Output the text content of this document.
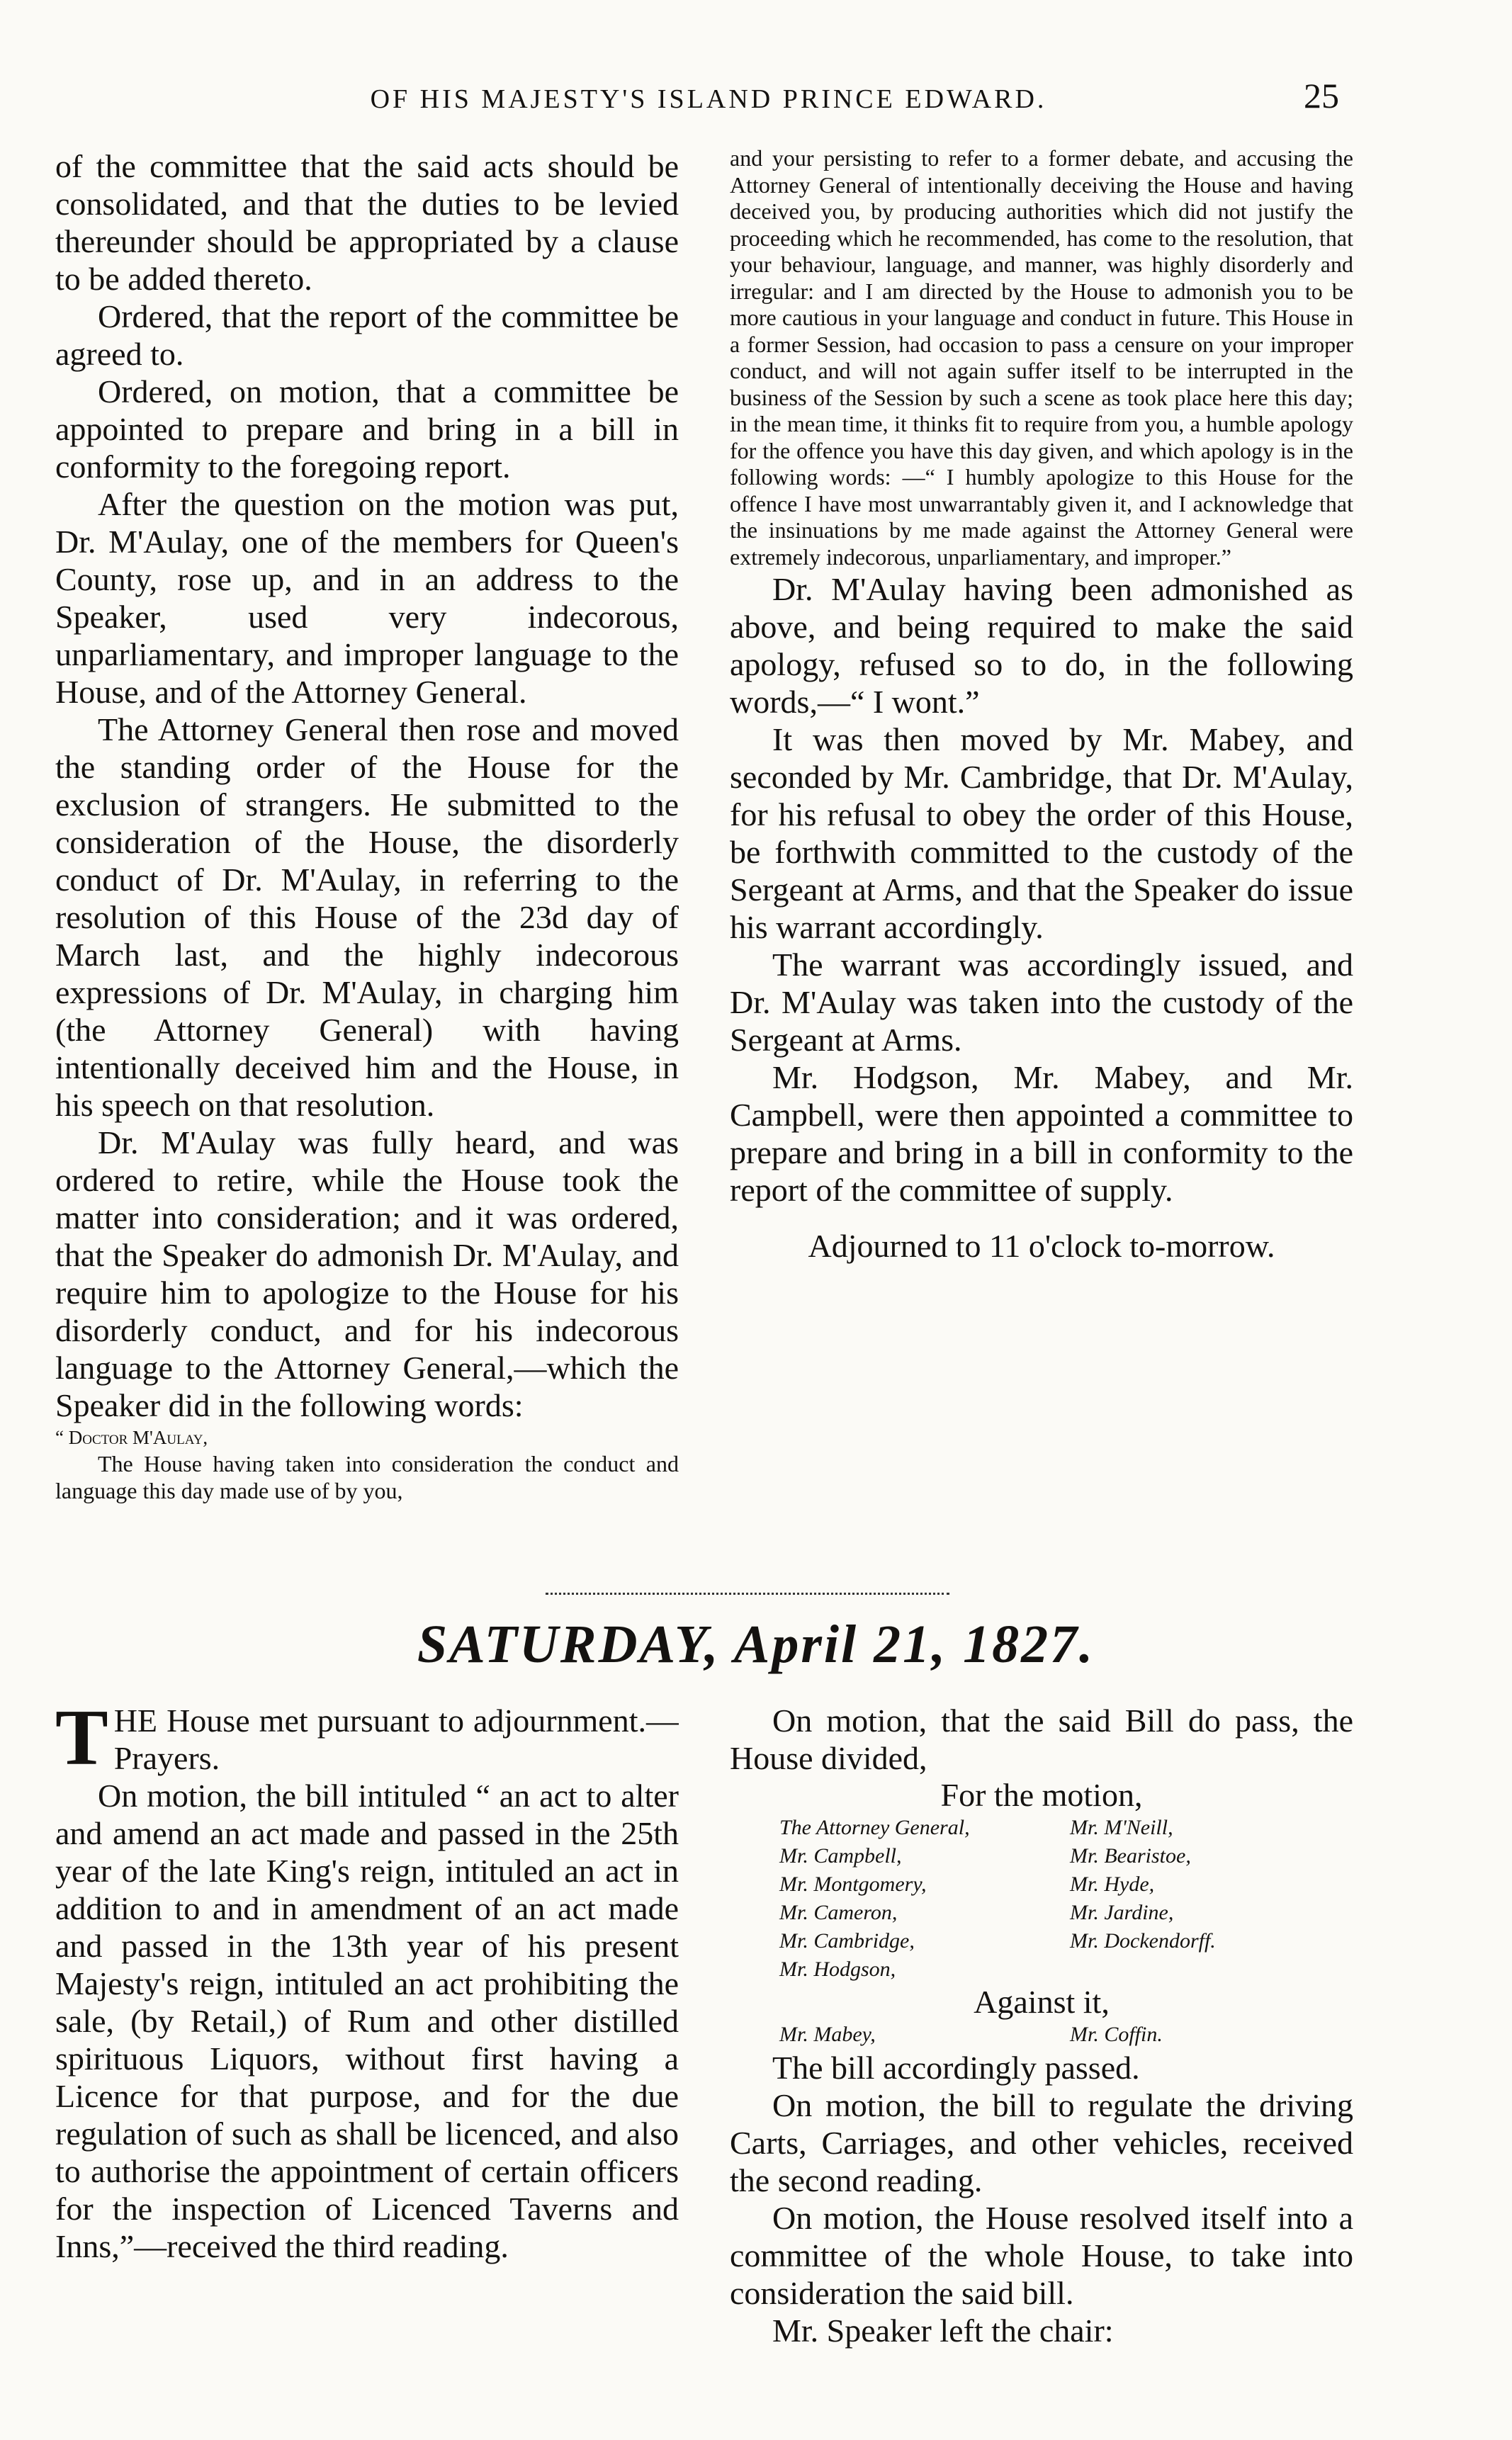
OF HIS MAJESTY'S ISLAND PRINCE EDWARD.	25

of the committee that the said acts should be consolidated, and that the duties to be levied thereunder should be appropriated by a clause to be added thereto.

Ordered, that the report of the committee be agreed to.

Ordered, on motion, that a committee be appointed to prepare and bring in a bill in conformity to the foregoing report.

After the question on the motion was put, Dr. M'Aulay, one of the members for Queen's County, rose up, and in an address to the Speaker, used very indecorous, unparliamentary, and improper language to the House, and of the Attorney General.

The Attorney General then rose and moved the standing order of the House for the exclusion of strangers. He submitted to the consideration of the House, the disorderly conduct of Dr. M'Aulay, in referring to the resolution of this House of the 23d day of March last, and the highly indecorous expressions of Dr. M'Aulay, in charging him (the Attorney General) with having intentionally deceived him and the House, in his speech on that resolution.

Dr. M'Aulay was fully heard, and was ordered to retire, while the House took the matter into consideration; and it was ordered, that the Speaker do admonish Dr. M'Aulay, and require him to apologize to the House for his disorderly conduct, and for his indecorous language to the Attorney General,—which the Speaker did in the following words:

“ Doctor M'Aulay,

The House having taken into consideration the conduct and language this day made use of by you,

and your persisting to refer to a former debate, and accusing the Attorney General of intentionally deceiving the House and having deceived you, by producing authorities which did not justify the proceeding which he recommended, has come to the resolution, that your behaviour, language, and manner, was highly disorderly and irregular: and I am directed by the House to admonish you to be more cautious in your language and conduct in future. This House in a former Session, had occasion to pass a censure on your improper conduct, and will not again suffer itself to be interrupted in the business of the Session by such a scene as took place here this day; in the mean time, it thinks fit to require from you, a humble apology for the offence you have this day given, and which apology is in the following words: —“ I humbly apologize to this House for the offence I have most unwarrantably given it, and I acknowledge that the insinuations by me made against the Attorney General were extremely indecorous, unparliamentary, and improper.”

Dr. M'Aulay having been admonished as above, and being required to make the said apology, refused so to do, in the following words,—“ I wont.”

It was then moved by Mr. Mabey, and seconded by Mr. Cambridge, that Dr. M'Aulay, for his refusal to obey the order of this House, be forthwith committed to the custody of the Sergeant at Arms, and that the Speaker do issue his warrant accordingly.

The warrant was accordingly issued, and Dr. M'Aulay was taken into the custody of the Sergeant at Arms.

Mr. Hodgson, Mr. Mabey, and Mr. Campbell, were then appointed a committee to prepare and bring in a bill in conformity to the report of the committee of supply.

Adjourned to 11 o'clock to-morrow.

SATURDAY, April 21, 1827.

THE House met pursuant to adjournment.—Prayers.

On motion, the bill intituled “ an act to alter and amend an act made and passed in the 25th year of the late King's reign, intituled an act in addition to and in amendment of an act made and passed in the 13th year of his present Majesty's reign, intituled an act prohibiting the sale, (by Retail,) of Rum and other distilled spirituous Liquors, without first having a Licence for that purpose, and for the due regulation of such as shall be licenced, and also to authorise the appointment of certain officers for the inspection of Licenced Taverns and Inns,”—received the third reading.

On motion, that the said Bill do pass, the House divided,

For the motion,
The Attorney General,	Mr. M'Neill,
Mr. Campbell,	Mr. Bearistoe,
Mr. Montgomery,	Mr. Hyde,
Mr. Cameron,	Mr. Jardine,
Mr. Cambridge,	Mr. Dockendorff.
Mr. Hodgson,
Against it,
Mr. Mabey,	Mr. Coffin.

The bill accordingly passed.

On motion, the bill to regulate the driving Carts, Carriages, and other vehicles, received the second reading.

On motion, the House resolved itself into a committee of the whole House, to take into consideration the said bill.

Mr. Speaker left the chair:
